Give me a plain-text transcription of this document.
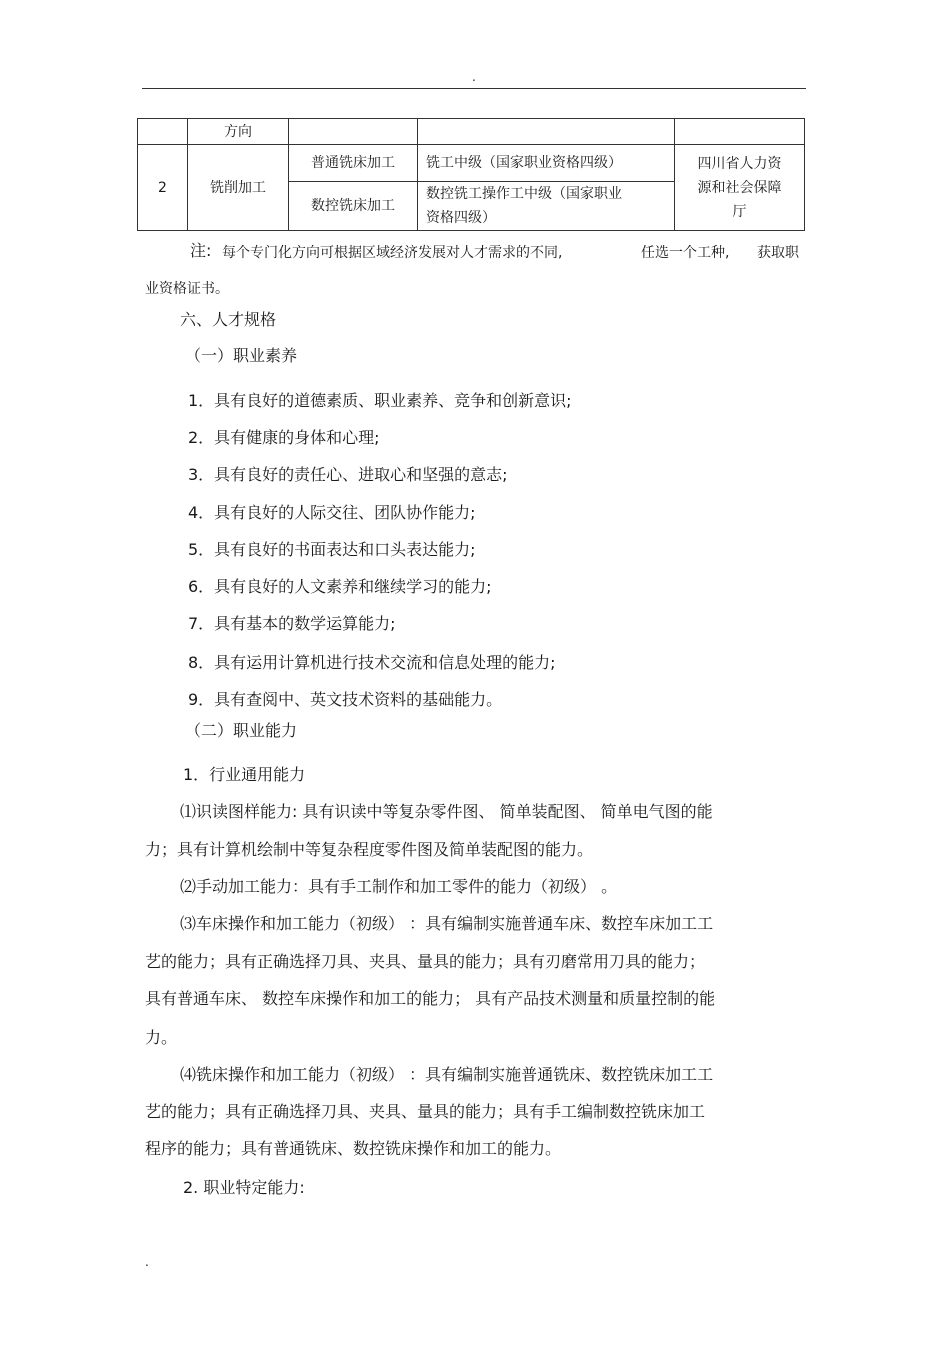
.
	方向			
2	铣削加工	普通铣床加工	铣工中级（国家职业资格四级）	四川省人力资
源和社会保障
厅

		数控铣床加工	数控铣工操作工中级（国家职业
资格四级）	
注: 每个专门化方向可根据区域经济发展对人才需求的不同,	任选一个工种, 获取职
业资格证书。
六、人才规格
（一）职业素养
1．具有良好的道德素质、职业素养、竞争和创新意识;
2．具有健康的身体和心理;
3．具有良好的责任心、进取心和坚强的意志;
4．具有良好的人际交往、团队协作能力;
5．具有良好的书面表达和口头表达能力;
6．具有良好的人文素养和继续学习的能力;
7．具有基本的数学运算能力;
8．具有运用计算机进行技术交流和信息处理的能力;
9．具有查阅中、英文技术资料的基础能力。
（二）职业能力
1．行业通用能力
⑴识读图样能力: 具有识读中等复杂零件图、 简单装配图、 简单电气图的能
力；具有计算机绘制中等复杂程度零件图及简单装配图的能力。
⑵手动加工能力：具有手工制作和加工零件的能力（初级） 。
⑶车床操作和加工能力（初级） ：具有编制实施普通车床、数控车床加工工
艺的能力；具有正确选择刀具、夹具、量具的能力；具有刃磨常用刀具的能力；
具有普通车床、 数控车床操作和加工的能力； 具有产品技术测量和质量控制的能
力。
⑷铣床操作和加工能力（初级） ：具有编制实施普通铣床、数控铣床加工工
艺的能力；具有正确选择刀具、夹具、量具的能力；具有手工编制数控铣床加工
程序的能力；具有普通铣床、数控铣床操作和加工的能力。
2. 职业特定能力:
.
